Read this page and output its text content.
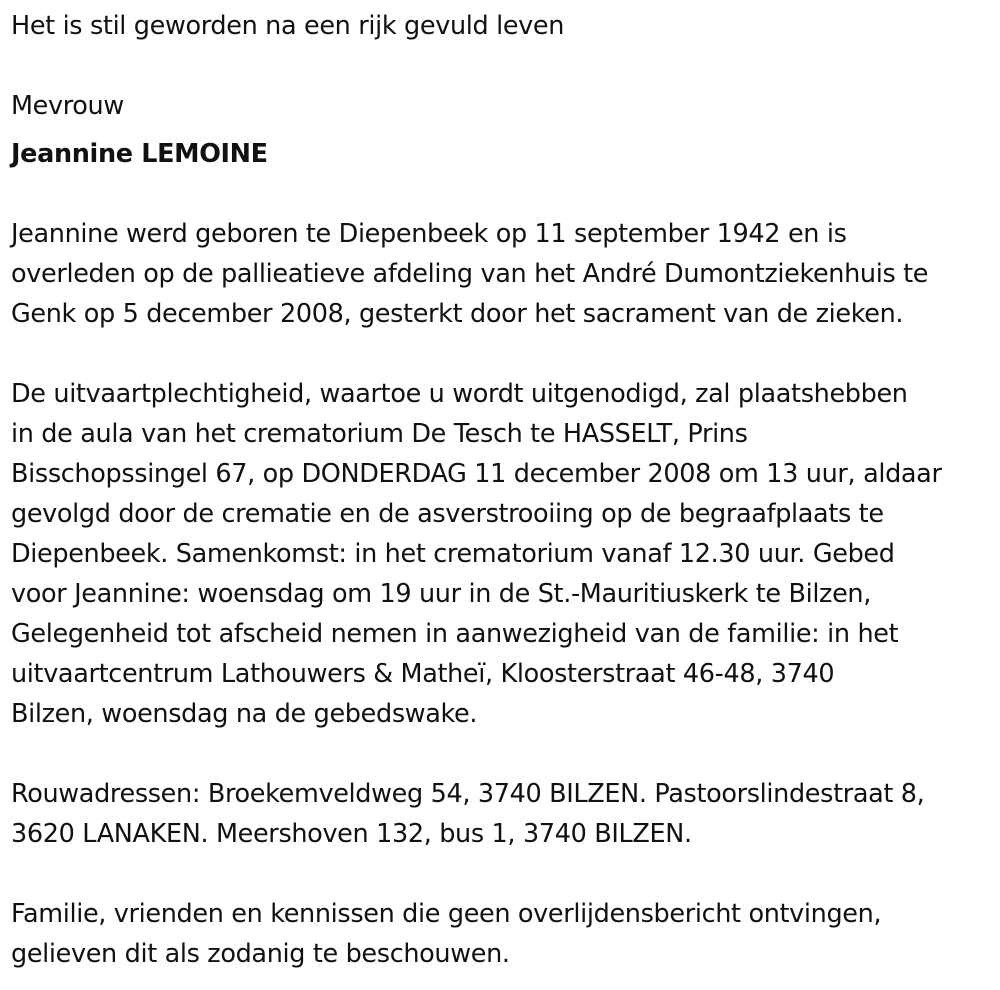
Het is stil geworden na een rijk gevuld leven

Mevrouw

Jeannine LEMOINE

Jeannine werd geboren te Diepenbeek op 11 september 1942 en is

overleden op de pallieatieve afdeling van het André Dumontziekenhuis te

Genk op 5 december 2008, gesterkt door het sacrament van de zieken.

De uitvaartplechtigheid, waartoe u wordt uitgenodigd, zal plaatshebben

in de aula van het crematorium De Tesch te HASSELT, Prins

Bisschopssingel 67, op DONDERDAG 11 december 2008 om 13 uur, aldaar

gevolgd door de crematie en de asverstrooiing op de begraafplaats te

Diepenbeek. Samenkomst: in het crematorium vanaf 12.30 uur. Gebed

voor Jeannine: woensdag om 19 uur in de St.-Mauritiuskerk te Bilzen,

Gelegenheid tot afscheid nemen in aanwezigheid van de familie: in het

uitvaartcentrum Lathouwers & Matheï, Kloosterstraat 46-48, 3740

Bilzen, woensdag na de gebedswake.

Rouwadressen: Broekemveldweg 54, 3740 BILZEN. Pastoorslindestraat 8,

3620 LANAKEN. Meershoven 132, bus 1, 3740 BILZEN.

Familie, vrienden en kennissen die geen overlijdensbericht ontvingen,

gelieven dit als zodanig te beschouwen.
